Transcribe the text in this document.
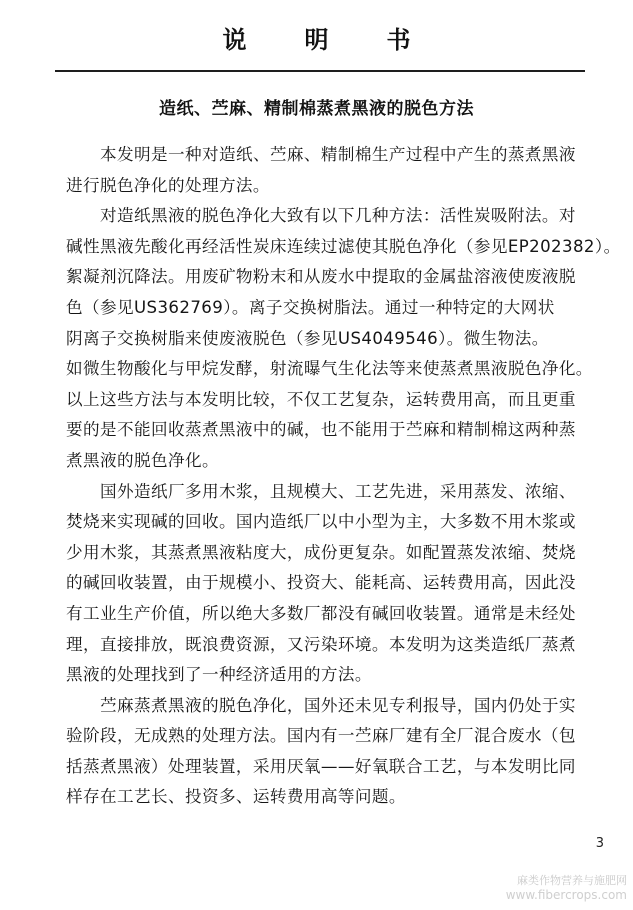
说明书
造纸、苎麻、精制棉蒸煮黑液的脱色方法
本发明是一种对造纸、苎麻、精制棉生产过程中产生的蒸煮黑液
进行脱色净化的处理方法。
对造纸黑液的脱色净化大致有以下几种方法：活性炭吸附法。对
碱性黑液先酸化再经活性炭床连续过滤使其脱色净化（参见EP202382）。
絮凝剂沉降法。用废矿物粉末和从废水中提取的金属盐溶液使废液脱
色（参见US362769）。离子交换树脂法。通过一种特定的大网状
阴离子交换树脂来使废液脱色（参见US4049546）。微生物法。
如微生物酸化与甲烷发酵，射流曝气生化法等来使蒸煮黑液脱色净化。
以上这些方法与本发明比较，不仅工艺复杂，运转费用高，而且更重
要的是不能回收蒸煮黑液中的碱，也不能用于苎麻和精制棉这两种蒸
煮黑液的脱色净化。
国外造纸厂多用木浆，且规模大、工艺先进，采用蒸发、浓缩、
焚烧来实现碱的回收。国内造纸厂以中小型为主，大多数不用木浆或
少用木浆，其蒸煮黑液粘度大，成份更复杂。如配置蒸发浓缩、焚烧
的碱回收装置，由于规模小、投资大、能耗高、运转费用高，因此没
有工业生产价值，所以绝大多数厂都没有碱回收装置。通常是未经处
理，直接排放，既浪费资源，又污染环境。本发明为这类造纸厂蒸煮
黑液的处理找到了一种经济适用的方法。
苎麻蒸煮黑液的脱色净化，国外还未见专利报导，国内仍处于实
验阶段，无成熟的处理方法。国内有一苎麻厂建有全厂混合废水（包
括蒸煮黑液）处理装置，采用厌氧——好氧联合工艺，与本发明比同
样存在工艺长、投资多、运转费用高等问题。
3
麻类作物营养与施肥网
www.fibercrops.com
